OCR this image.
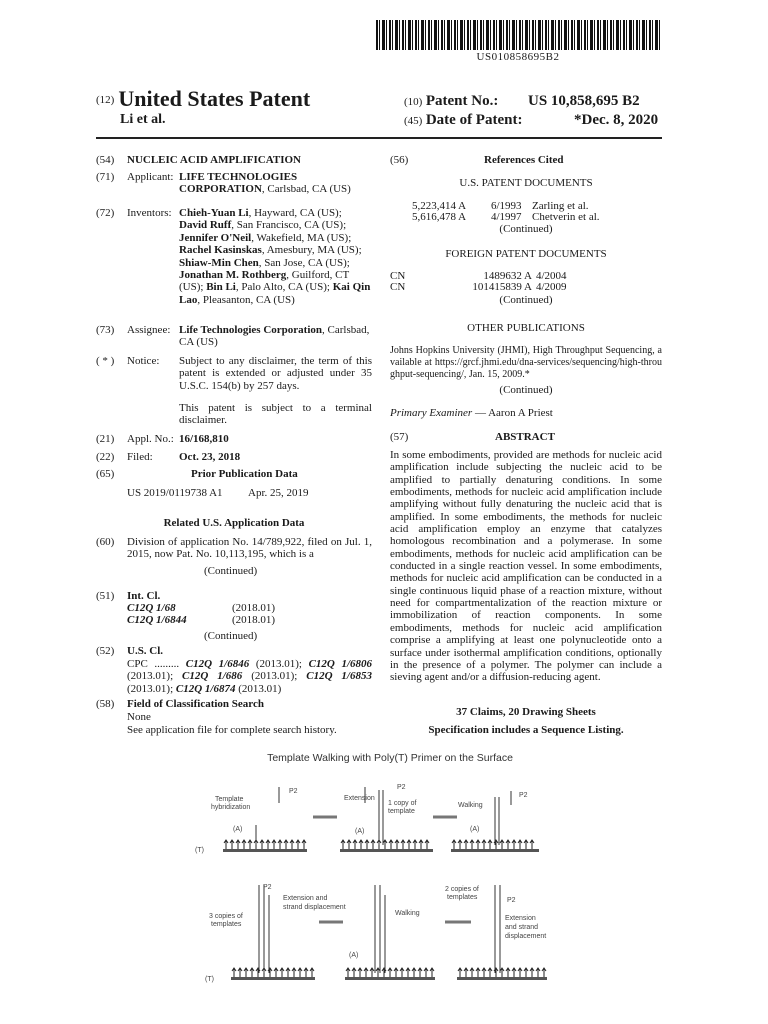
US010858695B2
(12) United States Patent
Li et al.
(10) Patent No.: US 10,858,695 B2
(45) Date of Patent:	*Dec. 8, 2020
(54)	NUCLEIC ACID AMPLIFICATION
(71)	Applicant: LIFE TECHNOLOGIES CORPORATION, Carlsbad, CA (US)
(72)	Inventors: Chieh-Yuan Li, Hayward, CA (US); David Ruff, San Francisco, CA (US); Jennifer O'Neil, Wakefield, MA (US); Rachel Kasinskas, Amesbury, MA (US); Shiaw-Min Chen, San Jose, CA (US); Jonathan M. Rothberg, Guilford, CT (US); Bin Li, Palo Alto, CA (US); Kai Qin Lao, Pleasanton, CA (US)
(73)	Assignee: Life Technologies Corporation, Carlsbad, CA (US)
( * )	Notice:	Subject to any disclaimer, the term of this patent is extended or adjusted under 35 U.S.C. 154(b) by 257 days.
This patent is subject to a terminal disclaimer.
(21)	Appl. No.: 16/168,810
(22)	Filed:	Oct. 23, 2018
(65)	Prior Publication Data
US 2019/0119738 A1 Apr. 25, 2019
Related U.S. Application Data
(60)	Division of application No. 14/789,922, filed on Jul. 1, 2015, now Pat. No. 10,113,195, which is a
(Continued)
(51)	Int. Cl.
C12Q 1/68	(2018.01)
C12Q 1/6844	(2018.01)
(Continued)
(52)	U.S. Cl.
CPC ......... C12Q 1/6846 (2013.01); C12Q 1/6806 (2013.01); C12Q 1/686 (2013.01); C12Q 1/6853 (2013.01); C12Q 1/6874 (2013.01)
(58)	Field of Classification Search
None
See application file for complete search history.
(56)	References Cited
U.S. PATENT DOCUMENTS
5,223,414 A 6/1993 Zarling et al.
5,616,478 A 4/1997 Chetverin et al.
(Continued)
FOREIGN PATENT DOCUMENTS
CN	1489632 A 4/2004
CN	101415839 A 4/2009
(Continued)
OTHER PUBLICATIONS
Johns Hopkins University (JHMI), High Throughput Sequencing, available at https://grcf.jhmi.edu/dna-services/sequencing/high-throughput-sequencing/, Jan. 15, 2009.*
(Continued)
Primary Examiner — Aaron A Priest
(57)	ABSTRACT
In some embodiments, provided are methods for nucleic acid amplification include subjecting the nucleic acid to be amplified to partially denaturing conditions. In some embodiments, methods for nucleic acid amplification include amplifying without fully denaturing the nucleic acid that is amplified. In some embodiments, the methods for nucleic acid amplification employ an enzyme that catalyzes homologous recombination and a polymerase. In some embodiments, methods for nucleic acid amplification can be conducted in a single reaction vessel. In some embodiments, methods for nucleic acid amplification can be conducted in a single continuous liquid phase of a reaction mixture, without need for compartmentalization of the reaction mixture or immobilization of reaction components. In some embodiments, methods for nucleic acid amplification comprise a amplifying at least one polynucleotide onto a surface under isothermal amplification conditions, optionally in the presence of a polymer. The polymer can include a sieving agent and/or a diffusion-reducing agent.
37 Claims, 20 Drawing Sheets
Specification includes a Sequence Listing.
Template Walking with Poly(T) Primer on the Surface
P2
Template
hybridization
(A)
(T)
Extension
P2
1 copy of
template
(A)
Walking
P2
(A)
2 copies of
templates	P2
Extension
and strand
displacement
Walking
(A)
Extension and
strand displacement
P2
3 copies of
templates
(T)
